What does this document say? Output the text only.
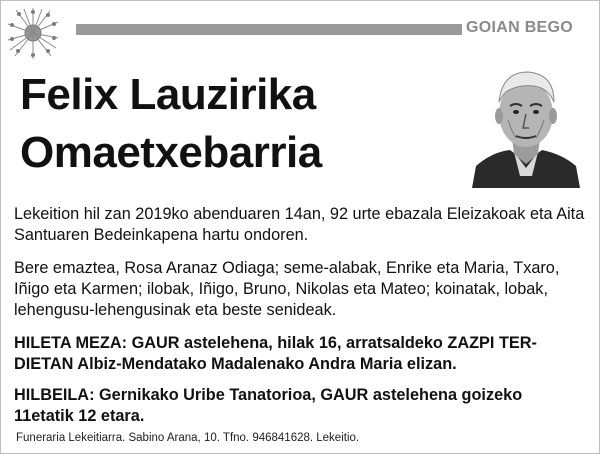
GOIAN BEGO
Felix Lauzirika
Omaetxebarria
Lekeition hil zan 2019ko abenduaren 14an, 92 urte ebazala Eleizakoak eta Aita Santuaren Bedeinkapena hartu ondoren.
Bere emaztea, Rosa Aranaz Odiaga; seme-alabak, Enrike eta Maria, Txaro, Iñigo eta Karmen; ilobak, Iñigo, Bruno, Nikolas eta Mateo; koinatak, lobak, lehengusu-lehengusinak eta beste senideak.
HILETA MEZA: GAUR astelehena, hilak 16, arratsaldeko ZAZPI TER-DIETAN Albiz-Mendatako Madalenako Andra Maria elizan.
HILBEILA: Gernikako Uribe Tanatorioa, GAUR astelehena goizeko 11etatik 12 etara.
Funeraria Lekeitiarra. Sabino Arana, 10. Tfno. 946841628. Lekeitio.
